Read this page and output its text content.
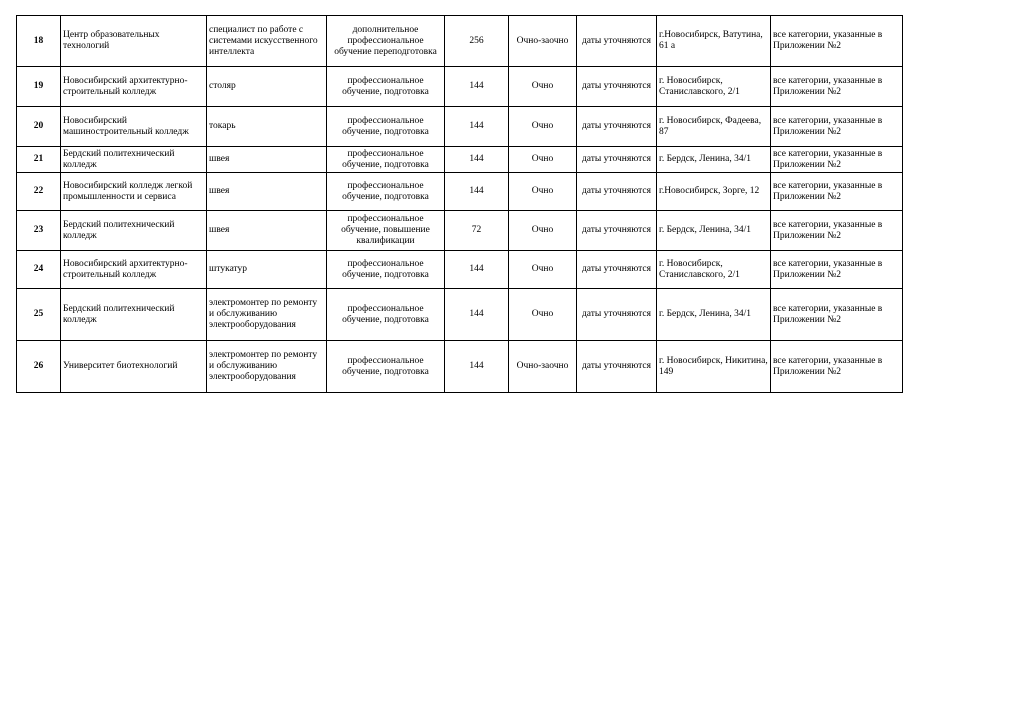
18	Центр образовательных технологий	специалист по работе с системами искусственного интеллекта	дополнительное профессиональное обучение переподготовка	256	Очно-заочно	даты уточняются	г.Новосибирск, Ватутина, 61 а	все категории, указанные в Приложении №2
19	Новосибирский архитектурно-строительный колледж	столяр	профессиональное обучение, подготовка	144	Очно	даты уточняются	г. Новосибирск, Станиславского, 2/1	все категории, указанные в Приложении №2
20	Новосибирский машиностроительный колледж	токарь	профессиональное обучение, подготовка	144	Очно	даты уточняются	г. Новосибирск, Фадеева, 87	все категории, указанные в Приложении №2
21	Бердский политехнический колледж	швея	профессиональное обучение, подготовка	144	Очно	даты уточняются	г. Бердск, Ленина, 34/1	все категории, указанные в Приложении №2
22	Новосибирский колледж легкой промышленности и сервиса	швея	профессиональное обучение, подготовка	144	Очно	даты уточняются	г.Новосибирск, Зорге, 12	все категории, указанные в Приложении №2
23	Бердский политехнический колледж	швея	профессиональное обучение, повышение квалификации	72	Очно	даты уточняются	г. Бердск, Ленина, 34/1	все категории, указанные в Приложении №2
24	Новосибирский архитектурно-строительный колледж	штукатур	профессиональное обучение, подготовка	144	Очно	даты уточняются	г. Новосибирск, Станиславского, 2/1	все категории, указанные в Приложении №2
25	Бердский политехнический колледж	электромонтер по ремонту и обслуживанию электрооборудования	профессиональное обучение, подготовка	144	Очно	даты уточняются	г. Бердск, Ленина, 34/1	все категории, указанные в Приложении №2
26	Университет биотехнологий	электромонтер по ремонту и обслуживанию электрооборудования	профессиональное обучение, подготовка	144	Очно-заочно	даты уточняются	г. Новосибирск, Никитина, 149	все категории, указанные в Приложении №2
